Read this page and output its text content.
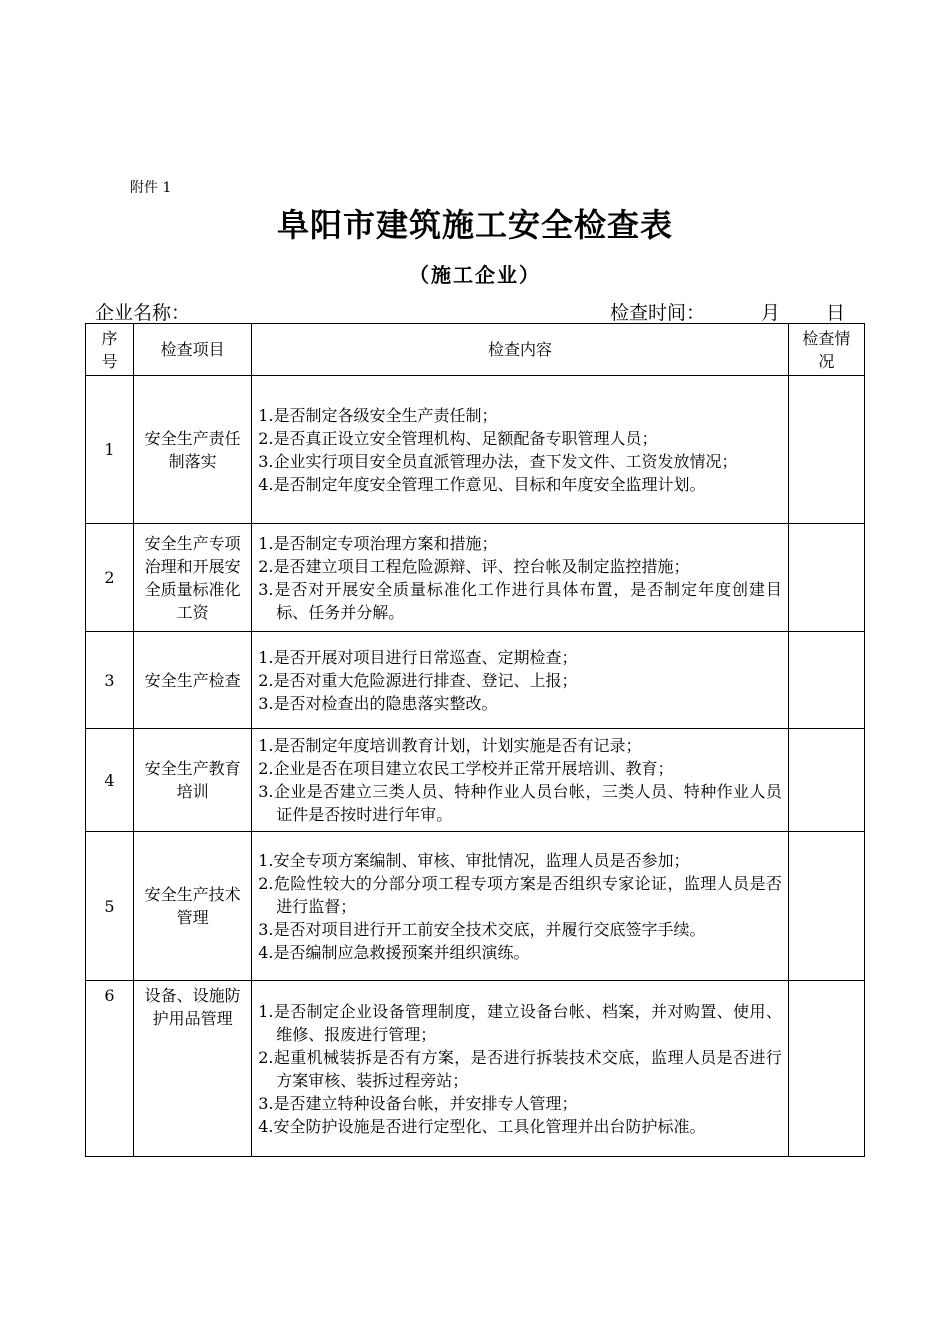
附件 1
阜阳市建筑施工安全检查表
（施工企业）
企业名称：	检查时间：	月 日
序号	检查项目	检查内容	检查情况
1	安全生产责任制落实	1.是否制定各级安全生产责任制；
2.是否真正设立安全管理机构、足额配备专职管理人员；
3.企业实行项目安全员直派管理办法，查下发文件、工资发放情况；
4.是否制定年度安全管理工作意见、目标和年度安全监理计划。	

2	安全生产专项治理和开展安全质量标准化工资	1.是否制定专项治理方案和措施；
2.是否建立项目工程危险源辩、评、控台帐及制定监控措施；
3.是否对开展安全质量标准化工作进行具体布置，是否制定年度创建目标、任务并分解。	

3	安全生产检查	1.是否开展对项目进行日常巡查、定期检查；
2.是否对重大危险源进行排查、登记、上报；
3.是否对检查出的隐患落实整改。	

4	安全生产教育培训	1.是否制定年度培训教育计划，计划实施是否有记录；
2.企业是否在项目建立农民工学校并正常开展培训、教育；
3.企业是否建立三类人员、特种作业人员台帐，三类人员、特种作业人员证件是否按时进行年审。	

5	安全生产技术管理	1.安全专项方案编制、审核、审批情况，监理人员是否参加；
2.危险性较大的分部分项工程专项方案是否组织专家论证，监理人员是否进行监督；
3.是否对项目进行开工前安全技术交底，并履行交底签字手续。
4.是否编制应急救援预案并组织演练。	

6	设备、设施防护用品管理	1.是否制定企业设备管理制度，建立设备台帐、档案，并对购置、使用、维修、报废进行管理；
2.起重机械装拆是否有方案，是否进行拆装技术交底，监理人员是否进行方案审核、装拆过程旁站；
3.是否建立特种设备台帐，并安排专人管理；
4.安全防护设施是否进行定型化、工具化管理并出台防护标准。	
